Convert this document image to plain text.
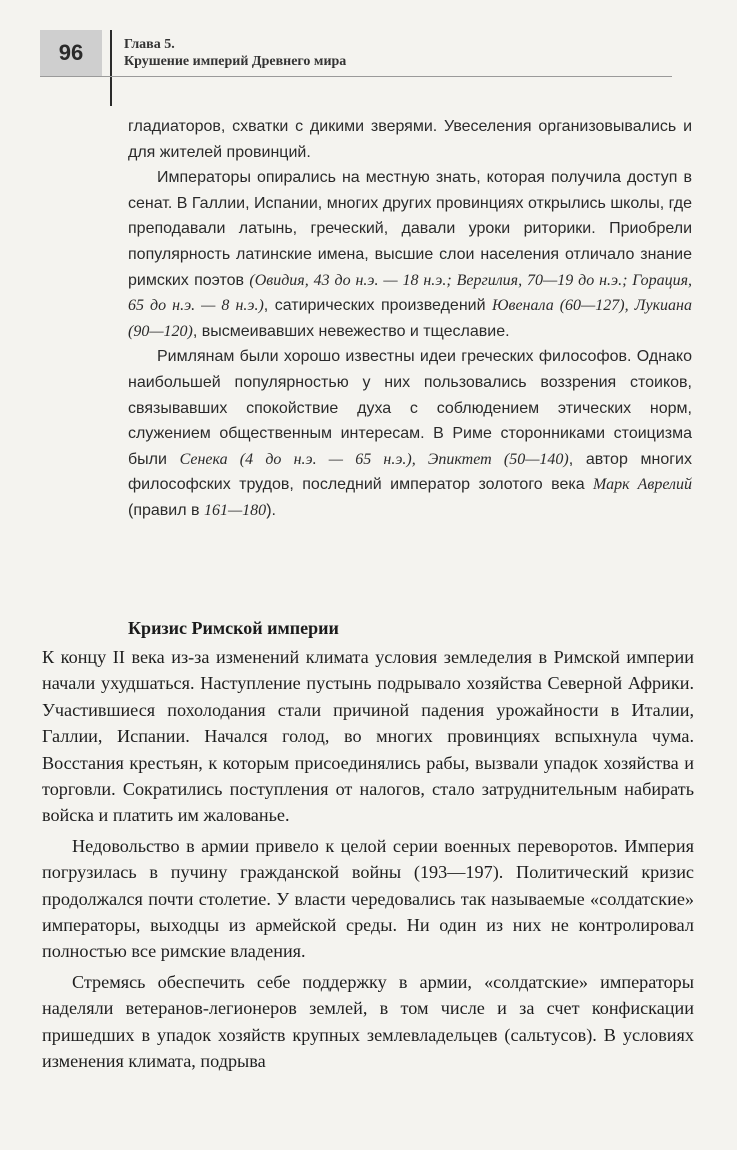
96	Глава 5.
Крушение империй Древнего мира

гладиаторов, схватки с дикими зверями. Увеселения организовывались и для жителей провинций.

Императоры опирались на местную знать, которая получила доступ в сенат. В Галлии, Испании, многих других провинциях открылись школы, где преподавали латынь, греческий, давали уроки риторики. Приобрели популярность латинские имена, высшие слои населения отличало знание римских поэтов (Овидия, 43 до н.э. — 18 н.э.; Вергилия, 70—19 до н.э.; Горация, 65 до н.э. — 8 н.э.), сатирических произведений Ювенала (60—127), Лукиана (90—120), высмеивавших невежество и тщеславие.

Римлянам были хорошо известны идеи греческих философов. Однако наибольшей популярностью у них пользовались воззрения стоиков, связывавших спокойствие духа с соблюдением этических норм, служением общественным интересам. В Риме сторонниками стоицизма были Сенека (4 до н.э. — 65 н.э.), Эпиктет (50—140), автор многих философских трудов, последний император золотого века Марк Аврелий (правил в 161—180).

Кризис Римской империи

К концу II века из-за изменений климата условия земледелия в Римской империи начали ухудшаться. Наступление пустынь подрывало хозяйства Северной Африки. Участившиеся похолодания стали причиной падения урожайности в Италии, Галлии, Испании. Начался голод, во многих провинциях вспыхнула чума. Восстания крестьян, к которым присоединялись рабы, вызвали упадок хозяйства и торговли. Сократились поступления от налогов, стало затруднительным набирать войска и платить им жалованье.

Недовольство в армии привело к целой серии военных переворотов. Империя погрузилась в пучину гражданской войны (193—197). Политический кризис продолжался почти столетие. У власти чередовались так называемые «солдатские» императоры, выходцы из армейской среды. Ни один из них не контролировал полностью все римские владения.

Стремясь обеспечить себе поддержку в армии, «солдатские» императоры наделяли ветеранов-легионеров землей, в том числе и за счет конфискации пришедших в упадок хозяйств крупных землевладельцев (сальтусов). В условиях изменения климата, подрыва
